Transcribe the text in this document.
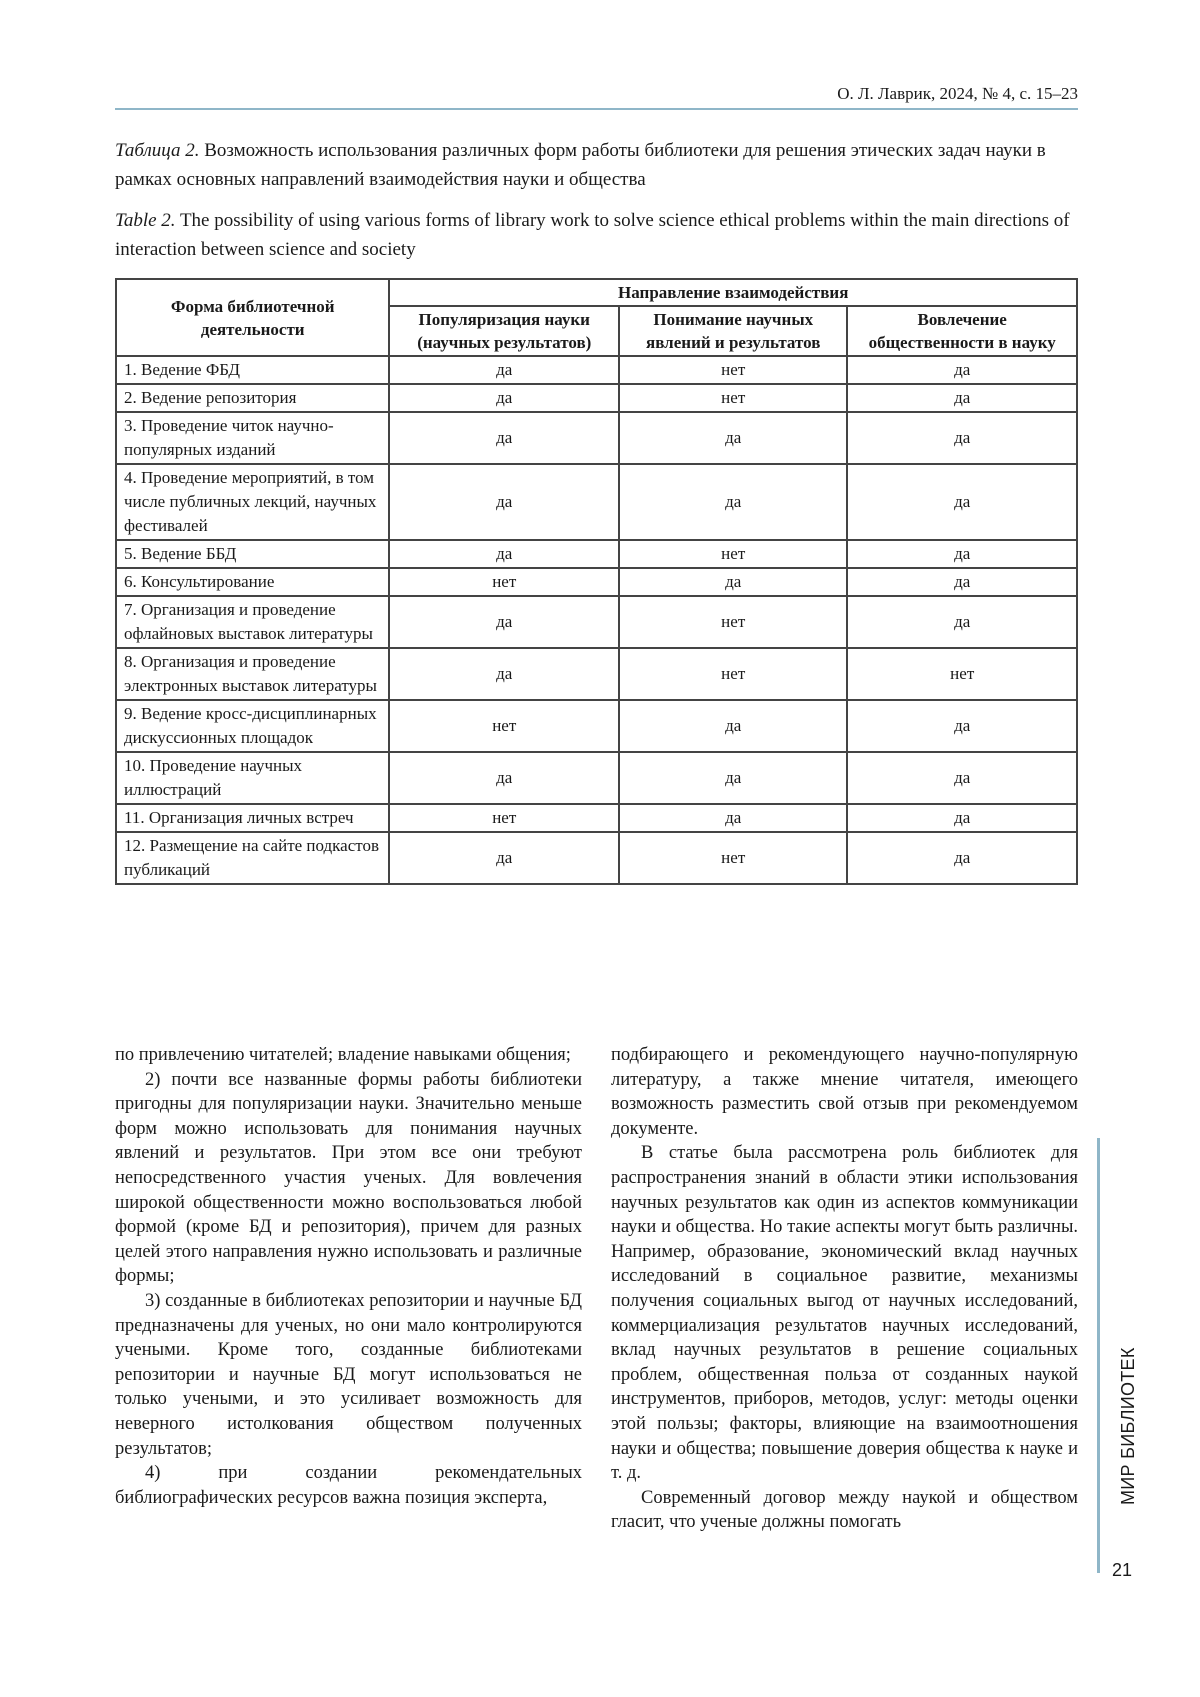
О. Л. Лаврик, 2024, № 4, с. 15–23
Таблица 2. Возможность использования различных форм работы библиотеки для решения этических задач науки в рамках основных направлений взаимодействия науки и общества
Table 2. The possibility of using various forms of library work to solve science ethical problems within the main directions of interaction between science and society
Форма библиотечной деятельности	Направление взаимодействия		
	Популяризация науки (научных результатов)	Понимание научных явлений и результатов	Вовлечение общественности в науку
1. Ведение ФБД	да	нет	да
2. Ведение репозитория	да	нет	да
3. Проведение читок научно-популярных изданий	да	да	да
4. Проведение мероприятий, в том числе публичных лекций, научных фестивалей	да	да	да
5. Ведение ББД	да	нет	да
6. Консультирование	нет	да	да
7. Организация и проведение офлайновых выставок литературы	да	нет	да
8. Организация и проведение электронных выставок литературы	да	нет	нет
9. Ведение кросс-дисциплинарных дискуссионных площадок	нет	да	да
10. Проведение научных иллюстраций	да	да	да
11. Организация личных встреч	нет	да	да
12. Размещение на сайте подкастов публикаций	да	нет	да

по привлечению читателей; владение навыками общения;

2) почти все названные формы работы библиотеки пригодны для популяризации науки. Значительно меньше форм можно использовать для понимания научных явлений и результатов. При этом все они требуют непосредственного участия ученых. Для вовлечения широкой общественности можно воспользоваться любой формой (кроме БД и репозитория), причем для разных целей этого направления нужно использовать и различные формы;

3) созданные в библиотеках репозитории и научные БД предназначены для ученых, но они мало контролируются учеными. Кроме того, созданные библиотеками репозитории и научные БД могут использоваться не только учеными, и это усиливает возможность для неверного истолкования обществом полученных результатов;

4) при создании рекомендательных библиографических ресурсов важна позиция эксперта,

подбирающего и рекомендующего научно-популярную литературу, а также мнение читателя, имеющего возможность разместить свой отзыв при рекомендуемом документе.

В статье была рассмотрена роль библиотек для распространения знаний в области этики использования научных результатов как один из аспектов коммуникации науки и общества. Но такие аспекты могут быть различны. Например, образование, экономический вклад научных исследований в социальное развитие, механизмы получения социальных выгод от научных исследований, коммерциализация результатов научных исследований, вклад научных результатов в решение социальных проблем, общественная польза от созданных наукой инструментов, приборов, методов, услуг: методы оценки этой пользы; факторы, влияющие на взаимоотношения науки и общества; повышение доверия общества к науке и т. д.

Современный договор между наукой и обществом гласит, что ученые должны помогать

МИР БИБЛИОТЕК
21
